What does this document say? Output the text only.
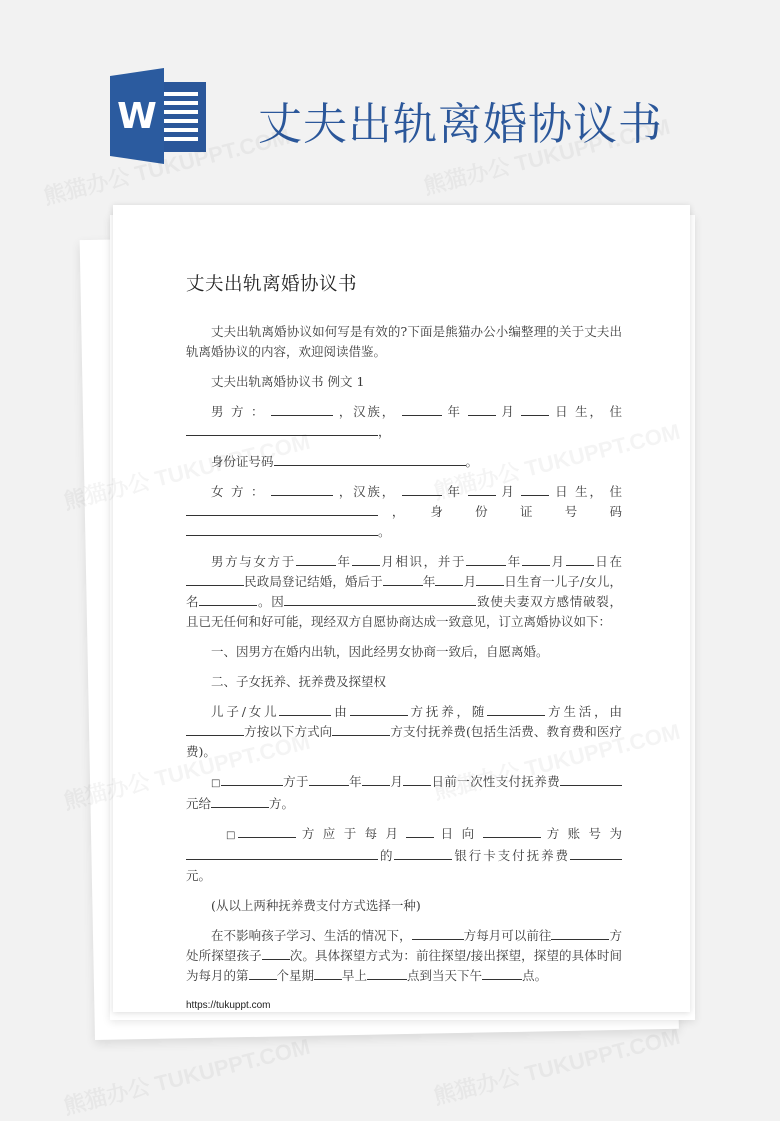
W 丈夫出轨离婚协议书
丈夫出轨离婚协议书

丈夫出轨离婚协议如何写是有效的?下面是熊猫办公小编整理的关于丈夫出轨离婚协议的内容，欢迎阅读借鉴。

丈夫出轨离婚协议书 例文 1

男 方 ：	，汉族，	年	月	日 生， 住

，

身份证号码	。

女 方 ：	，汉族，	年	月	日 生， 住

，　身　份　证　号　码

。

男方与女方于	年 月相识，并于	年 月 日在民政局登记结婚，婚后于	年 月 日生育一儿子/女儿，名	。因	致使夫妻双方感情破裂，且已无任何和好可能，现经双方自愿协商达成一致意见，订立离婚协议如下：

一、因男方在婚内出轨，因此经男女协商一致后，自愿离婚。

二、子女抚养、抚养费及探望权

儿子/女儿	由	方抚养，随	方生活，由方按以下方式向	方支付抚养费(包括生活费、教育费和医疗费)。

□	方于	年 月 日前一次性支付抚养费元给	方。

□	方 应 于 每 月	日 向	方 账 号 为

的	银行卡支付抚养费

元。

(从以上两种抚养费支付方式选择一种)

在不影响孩子学习、生活的情况下，	方每月可以前往	方处所探望孩子 次。具体探望方式为：前往探望/接出探望，探望的具体时间为每月的第 个星期 早上	点到当天下午	点。

https://tukuppt.com
